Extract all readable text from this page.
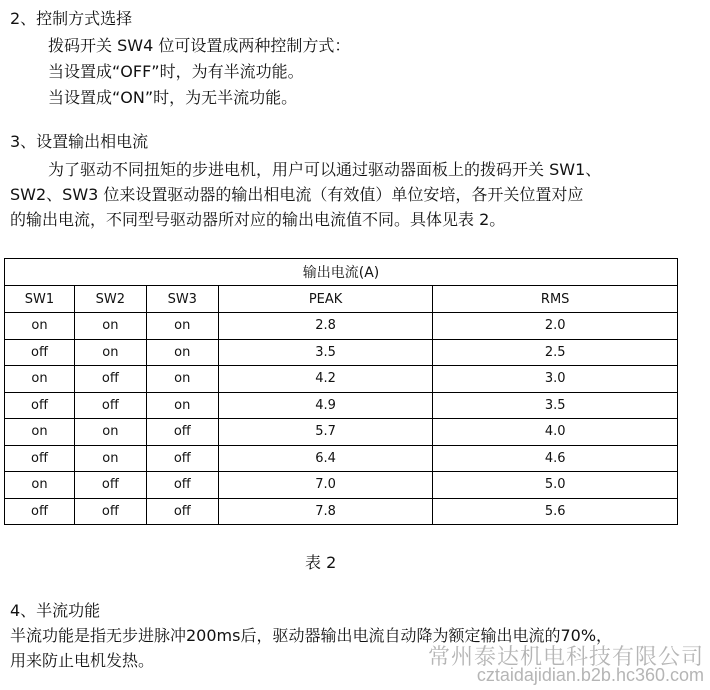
2、控制方式选择
拨码开关 SW4 位可设置成两种控制方式：
当设置成“OFF”时，为有半流功能。
当设置成“ON”时，为无半流功能。
3、设置输出相电流
为了驱动不同扭矩的步进电机，用户可以通过驱动器面板上的拨码开关 SW1、
SW2、SW3 位来设置驱动器的输出相电流（有效值）单位安培，各开关位置对应
的输出电流，不同型号驱动器所对应的输出电流值不同。具体见表 2。
输出电流(A)				
SW1	SW2	SW3	PEAK	RMS
on	on	on	2.8	2.0
off	on	on	3.5	2.5
on	off	on	4.2	3.0
off	off	on	4.9	3.5
on	on	off	5.7	4.0
off	on	off	6.4	4.6
on	off	off	7.0	5.0
off	off	off	7.8	5.6
表 2
4、半流功能
半流功能是指无步进脉冲200ms后，驱动器输出电流自动降为额定输出电流的70%，
用来防止电机发热。	常州泰达机电科技有限公司
cztaidajidian.b2b.hc360.com
